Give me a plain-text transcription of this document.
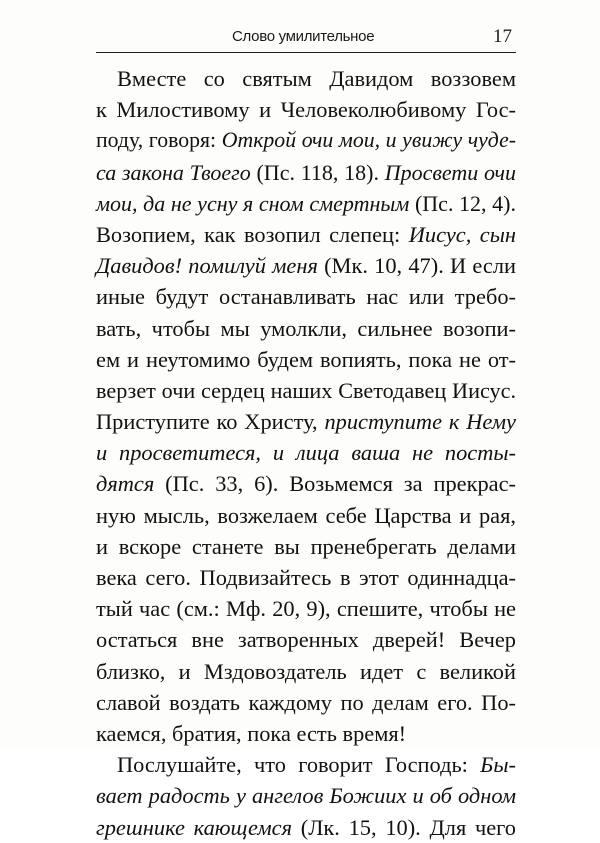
Слово умилительное	17
Вместе со святым Давидом воззовем
к Милостивому и Человеколюбивому Гос-
поду, говоря: Открой очи мои, и увижу чуде-
са закона Твоего (Пс. 118, 18). Просвети очи
мои, да не усну я сном смертным (Пс. 12, 4).
Возопием, как возопил слепец: Иисус, сын
Давидов! помилуй меня (Мк. 10, 47). И если
иные будут останавливать нас или требо-
вать, чтобы мы умолкли, сильнее возопи-
ем и неутомимо будем вопиять, пока не от-
верзет очи сердец наших Светодавец Иисус.
Приступите ко Христу, приступите к Нему
и просветитеся, и лица ваша не посты-
дятся (Пс. 33, 6). Возьмемся за прекрас-
ную мысль, возжелаем себе Царства и рая,
и вскоре станете вы пренебрегать делами
века сего. Подвизайтесь в этот одиннадца-
тый час (см.: Мф. 20, 9), спешите, чтобы не
остаться вне затворенных дверей! Вечер
близко, и Мздовоздатель идет с великой
славой воздать каждому по делам его. По-
каемся, братия, пока есть время!
Послушайте, что говорит Господь: Бы-
вает радость у ангелов Божиих и об одном
грешнике кающемся (Лк. 15, 10). Для чего
